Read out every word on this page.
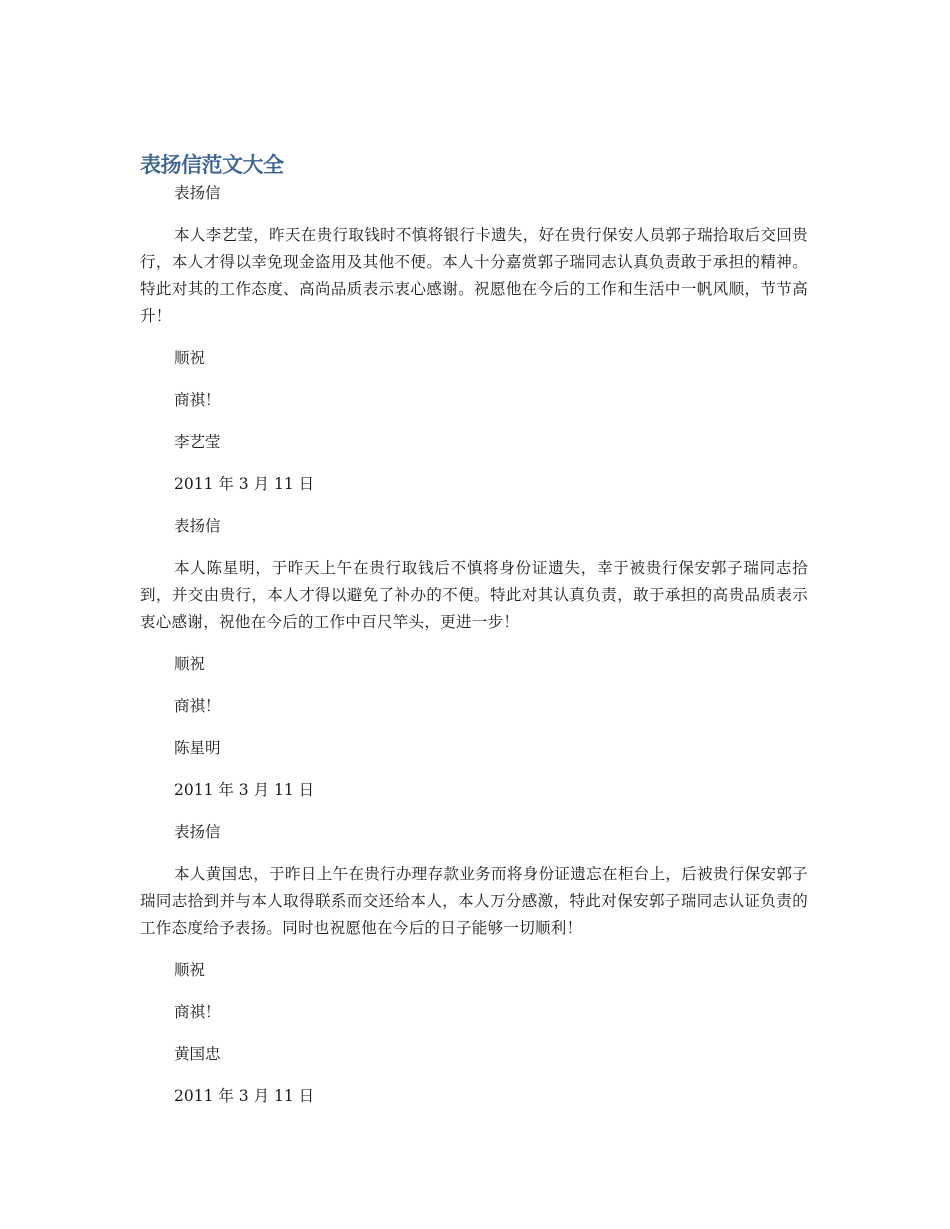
表扬信范文大全

表扬信

本人李艺莹，昨天在贵行取钱时不慎将银行卡遗失，好在贵行保安人员郭子瑞拾取后交回贵行，本人才得以幸免现金盗用及其他不便。本人十分嘉赏郭子瑞同志认真负责敢于承担的精神。特此对其的工作态度、高尚品质表示衷心感谢。祝愿他在今后的工作和生活中一帆风顺，节节高升！

顺祝

商祺！

李艺莹

2011 年 3 月 11 日

表扬信

本人陈星明，于昨天上午在贵行取钱后不慎将身份证遗失，幸于被贵行保安郭子瑞同志拾到，并交由贵行，本人才得以避免了补办的不便。特此对其认真负责，敢于承担的高贵品质表示衷心感谢，祝他在今后的工作中百尺竿头，更进一步！

顺祝

商祺！

陈星明

2011 年 3 月 11 日

表扬信

本人黄国忠，于昨日上午在贵行办理存款业务而将身份证遗忘在柜台上，后被贵行保安郭子瑞同志拾到并与本人取得联系而交还给本人，本人万分感激，特此对保安郭子瑞同志认证负责的工作态度给予表扬。同时也祝愿他在今后的日子能够一切顺利！

顺祝

商祺！

黄国忠

2011 年 3 月 11 日
